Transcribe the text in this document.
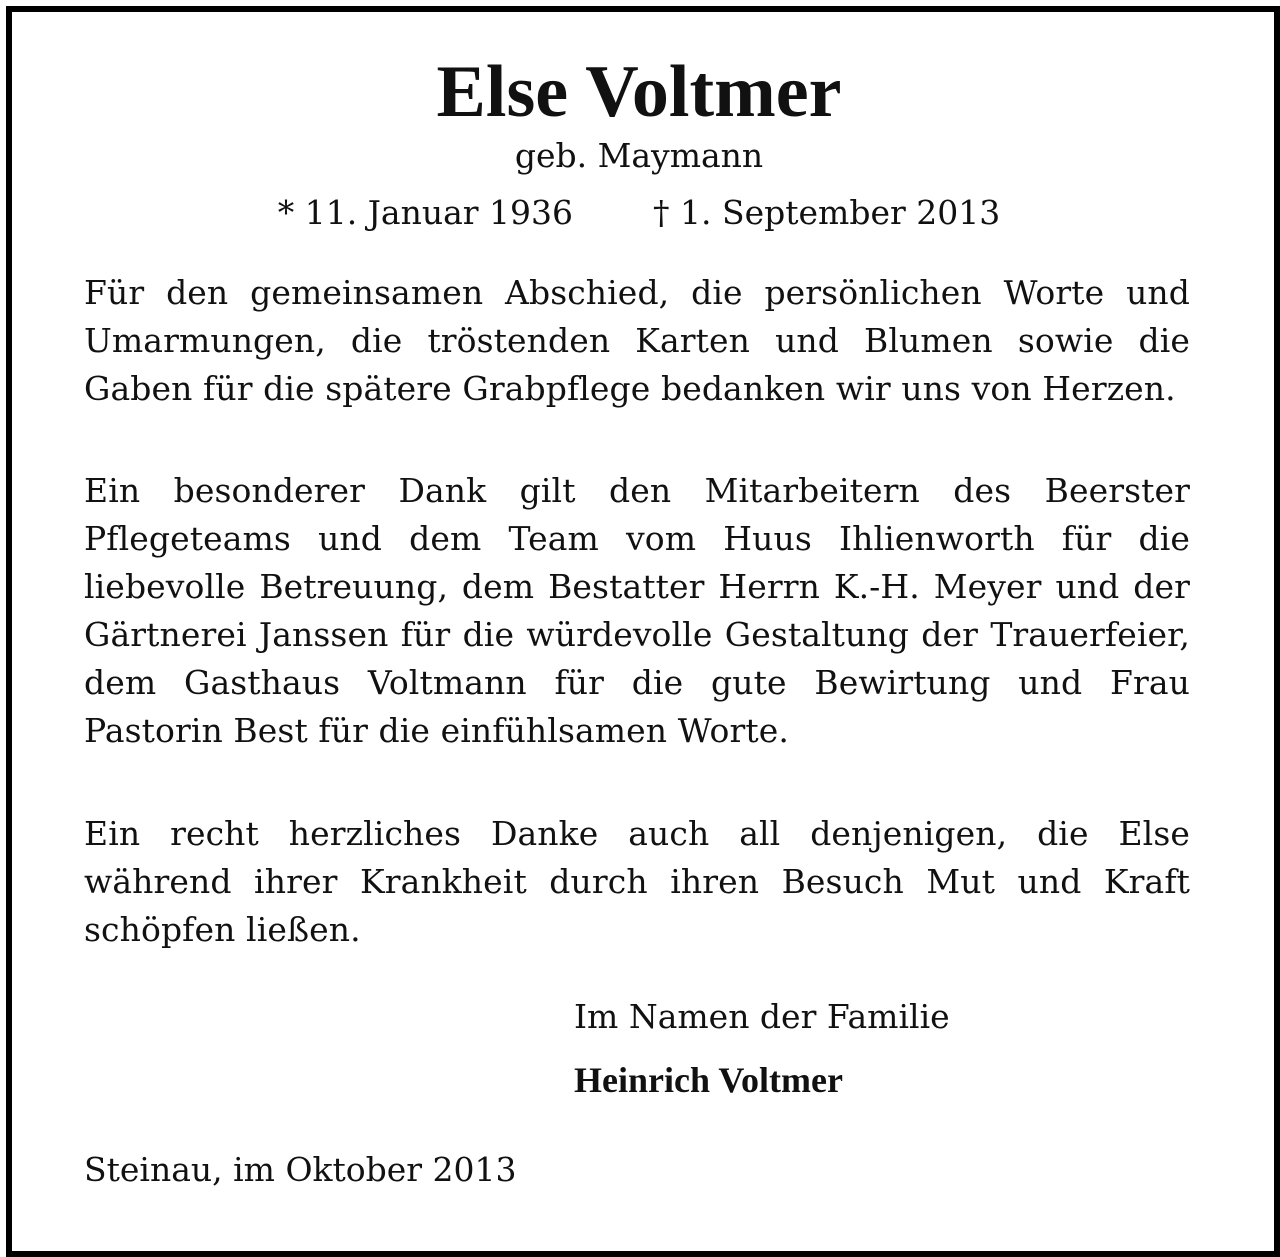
Else Voltmer
geb. Maymann
* 11. Januar 1936 † 1. September 2013

Für den gemeinsamen Abschied, die persönlichen Worte und Umarmungen, die tröstenden Karten und Blumen sowie die Gaben für die spätere Grabpflege bedanken wir uns von Herzen.

Ein besonderer Dank gilt den Mitarbeitern des Beerster Pflegeteams und dem Team vom Huus Ihlienworth für die liebevolle Betreuung, dem Bestatter Herrn K.-H. Meyer und der Gärtnerei Janssen für die würdevolle Gestaltung der Trauerfeier, dem Gasthaus Voltmann für die gute Bewirtung und Frau Pastorin Best für die einfühlsamen Worte.

Ein recht herzliches Danke auch all denjenigen, die Else während ihrer Krankheit durch ihren Besuch Mut und Kraft schöpfen ließen.

Im Namen der Familie
Heinrich Voltmer
Steinau, im Oktober 2013
